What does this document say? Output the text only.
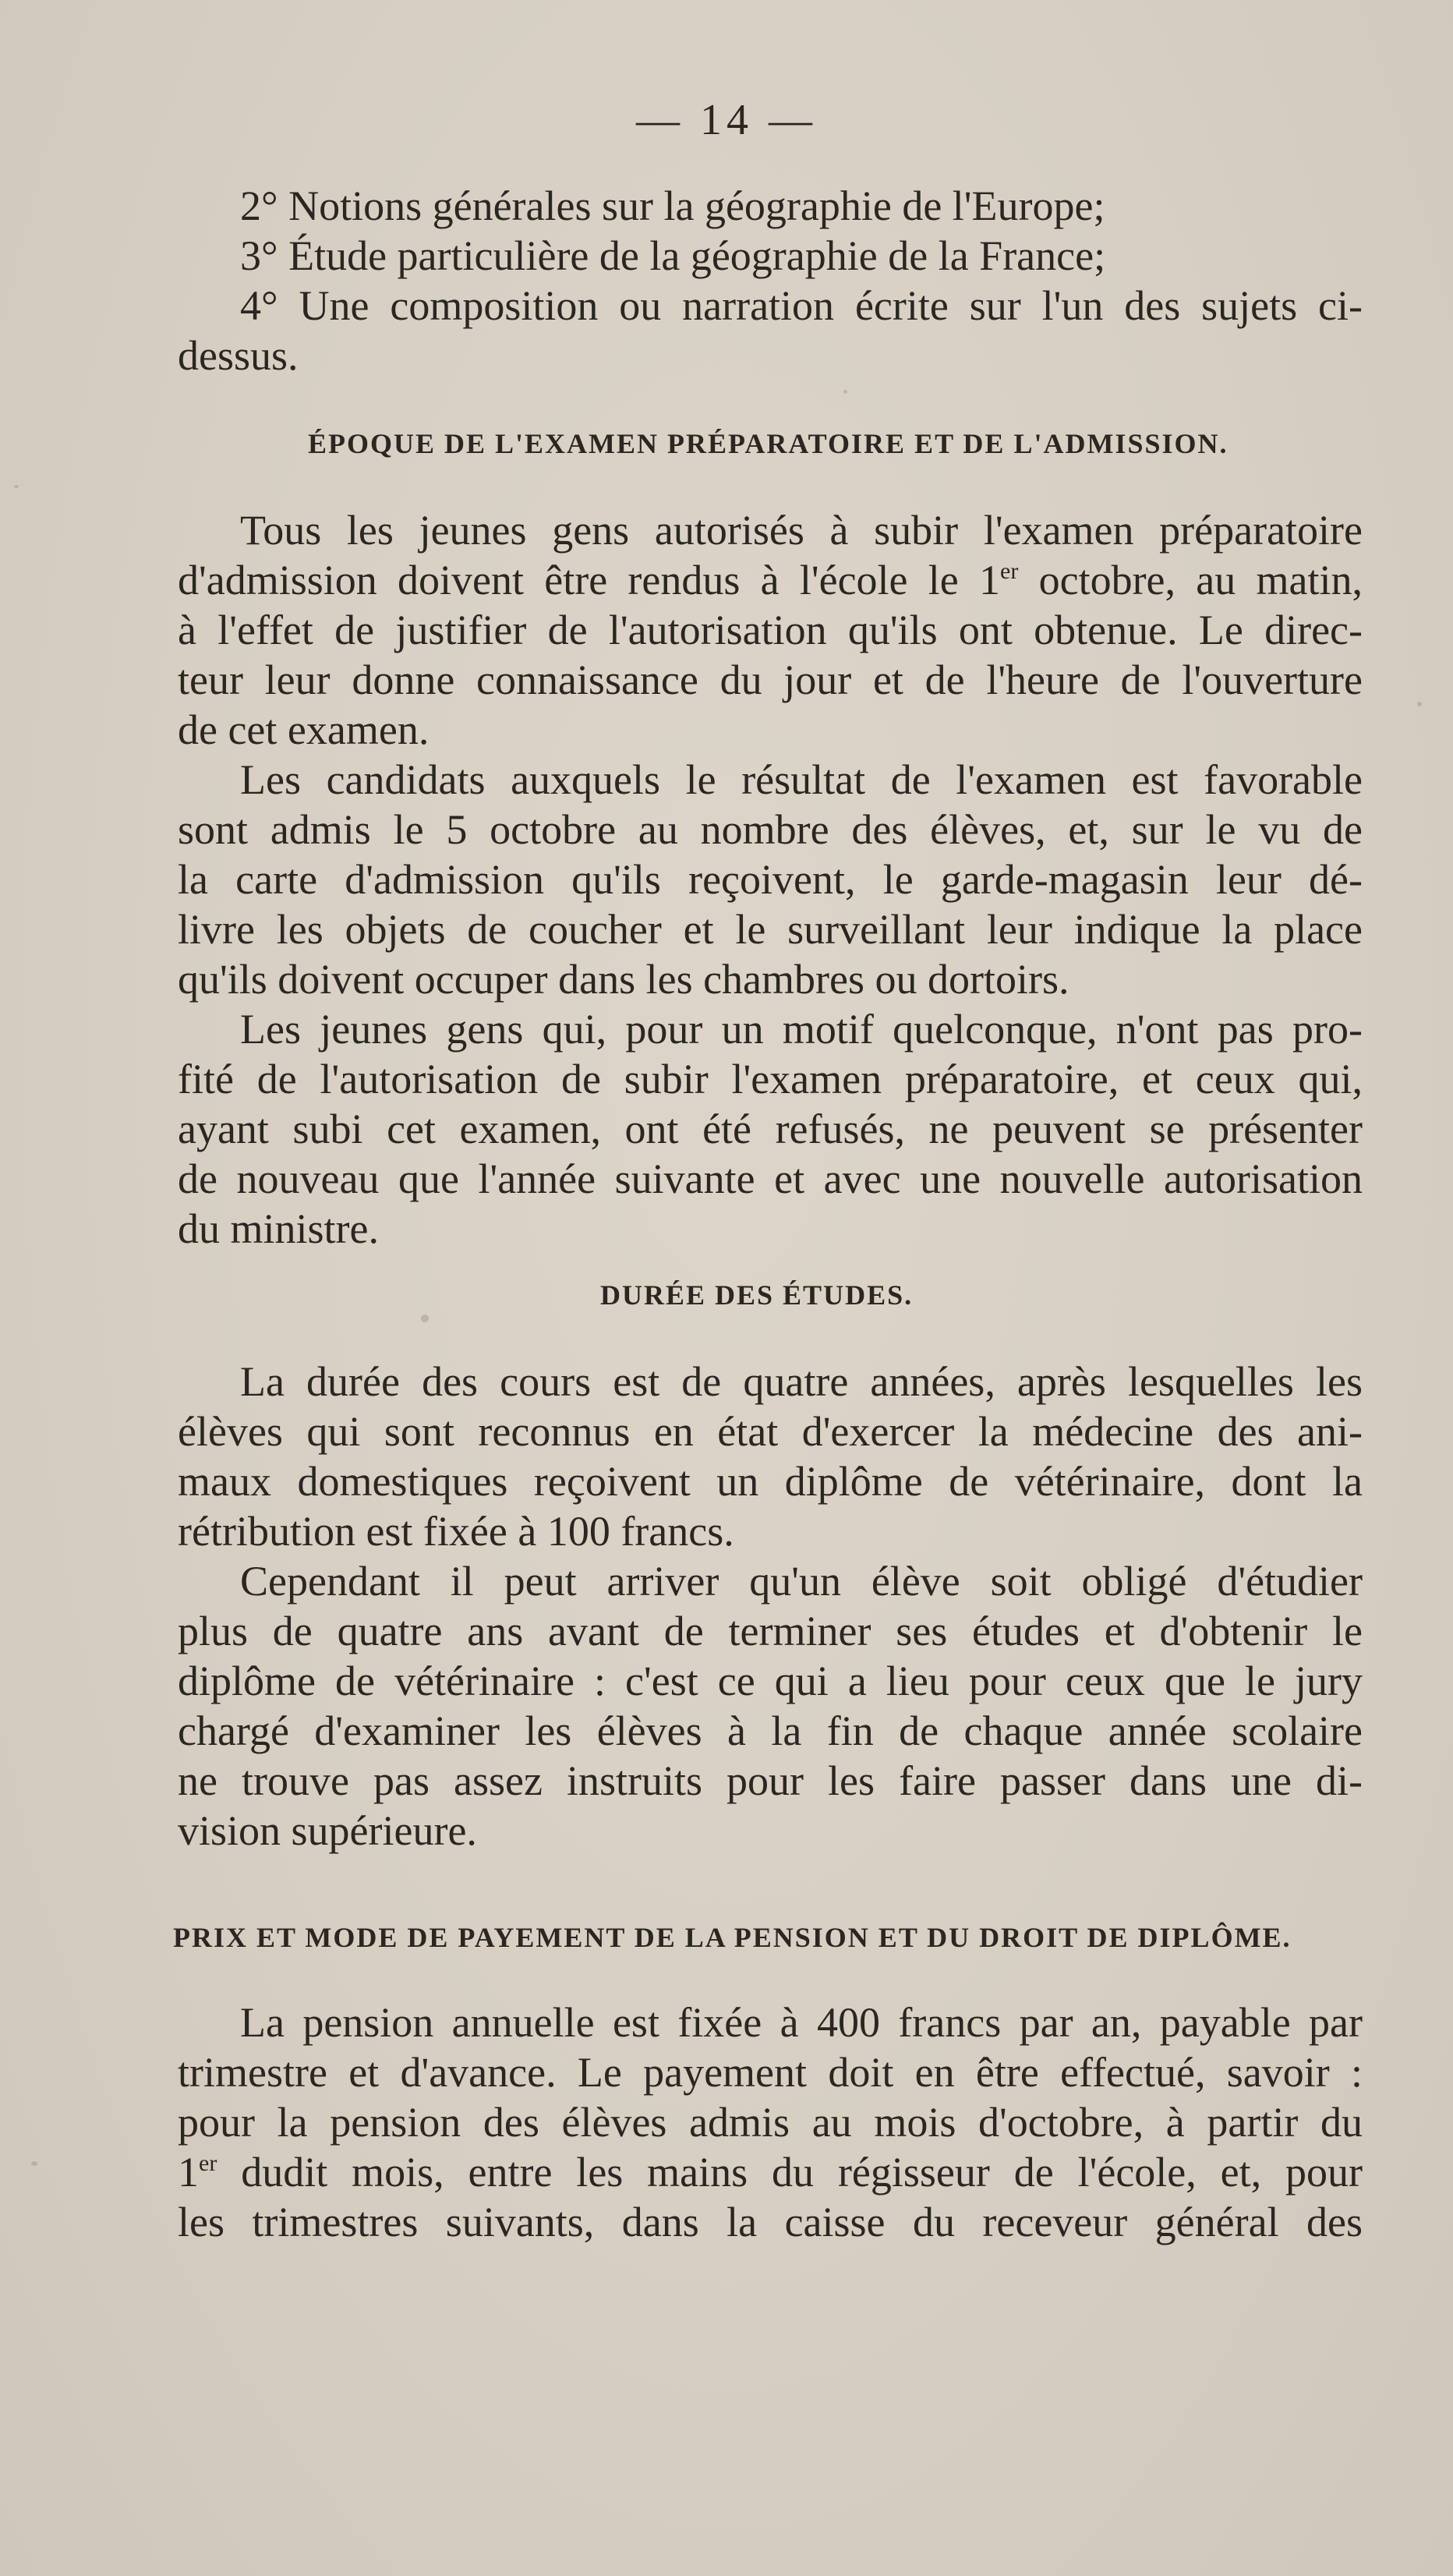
— 14 —
2° Notions générales sur la géographie de l'Europe;
3° Étude particulière de la géographie de la France;
4° Une composition ou narration écrite sur l'un des sujets ci-
dessus.
ÉPOQUE DE L'EXAMEN PRÉPARATOIRE ET DE L'ADMISSION.
Tous les jeunes gens autorisés à subir l'examen préparatoire
d'admission doivent être rendus à l'école le 1er octobre, au matin,
à l'effet de justifier de l'autorisation qu'ils ont obtenue. Le direc-
teur leur donne connaissance du jour et de l'heure de l'ouverture
de cet examen.
Les candidats auxquels le résultat de l'examen est favorable
sont admis le 5 octobre au nombre des élèves, et, sur le vu de
la carte d'admission qu'ils reçoivent, le garde-magasin leur dé-
livre les objets de coucher et le surveillant leur indique la place
qu'ils doivent occuper dans les chambres ou dortoirs.
Les jeunes gens qui, pour un motif quelconque, n'ont pas pro-
fité de l'autorisation de subir l'examen préparatoire, et ceux qui,
ayant subi cet examen, ont été refusés, ne peuvent se présenter
de nouveau que l'année suivante et avec une nouvelle autorisation
du ministre.
DURÉE DES ÉTUDES.
La durée des cours est de quatre années, après lesquelles les
élèves qui sont reconnus en état d'exercer la médecine des ani-
maux domestiques reçoivent un diplôme de vétérinaire, dont la
rétribution est fixée à 100 francs.
Cependant il peut arriver qu'un élève soit obligé d'étudier
plus de quatre ans avant de terminer ses études et d'obtenir le
diplôme de vétérinaire : c'est ce qui a lieu pour ceux que le jury
chargé d'examiner les élèves à la fin de chaque année scolaire
ne trouve pas assez instruits pour les faire passer dans une di-
vision supérieure.
PRIX ET MODE DE PAYEMENT DE LA PENSION ET DU DROIT DE DIPLÔME.
La pension annuelle est fixée à 400 francs par an, payable par
trimestre et d'avance. Le payement doit en être effectué, savoir :
pour la pension des élèves admis au mois d'octobre, à partir du
1er dudit mois, entre les mains du régisseur de l'école, et, pour
les trimestres suivants, dans la caisse du receveur général des
